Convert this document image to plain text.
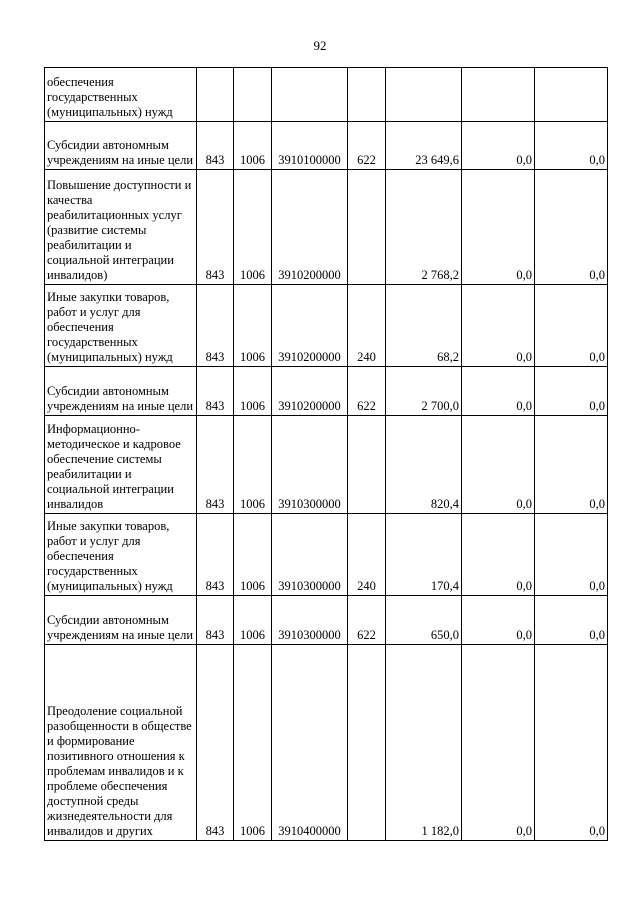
92
обеспечения государственных (муниципальных) нужд							
Субсидии автономным учреждениям на иные цели	843	1006	3910100000	622	23 649,6	0,0	0,0
Повышение доступности и качества реабилитационных услуг (развитие системы реабилитации и социальной интеграции инвалидов)	843	1006	3910200000		2 768,2	0,0	0,0
Иные закупки товаров, работ и услуг для обеспечения государственных (муниципальных) нужд	843	1006	3910200000	240	68,2	0,0	0,0
Субсидии автономным учреждениям на иные цели	843	1006	3910200000	622	2 700,0	0,0	0,0
Информационно-методическое и кадровое обеспечение системы реабилитации и социальной интеграции инвалидов	843	1006	3910300000		820,4	0,0	0,0
Иные закупки товаров, работ и услуг для обеспечения государственных (муниципальных) нужд	843	1006	3910300000	240	170,4	0,0	0,0
Субсидии автономным учреждениям на иные цели	843	1006	3910300000	622	650,0	0,0	0,0
Преодоление социальной разобщенности в обществе и формирование позитивного отношения к проблемам инвалидов и к проблеме обеспечения доступной среды жизнедеятельности для инвалидов и других	843	1006	3910400000		1 182,0	0,0	0,0
